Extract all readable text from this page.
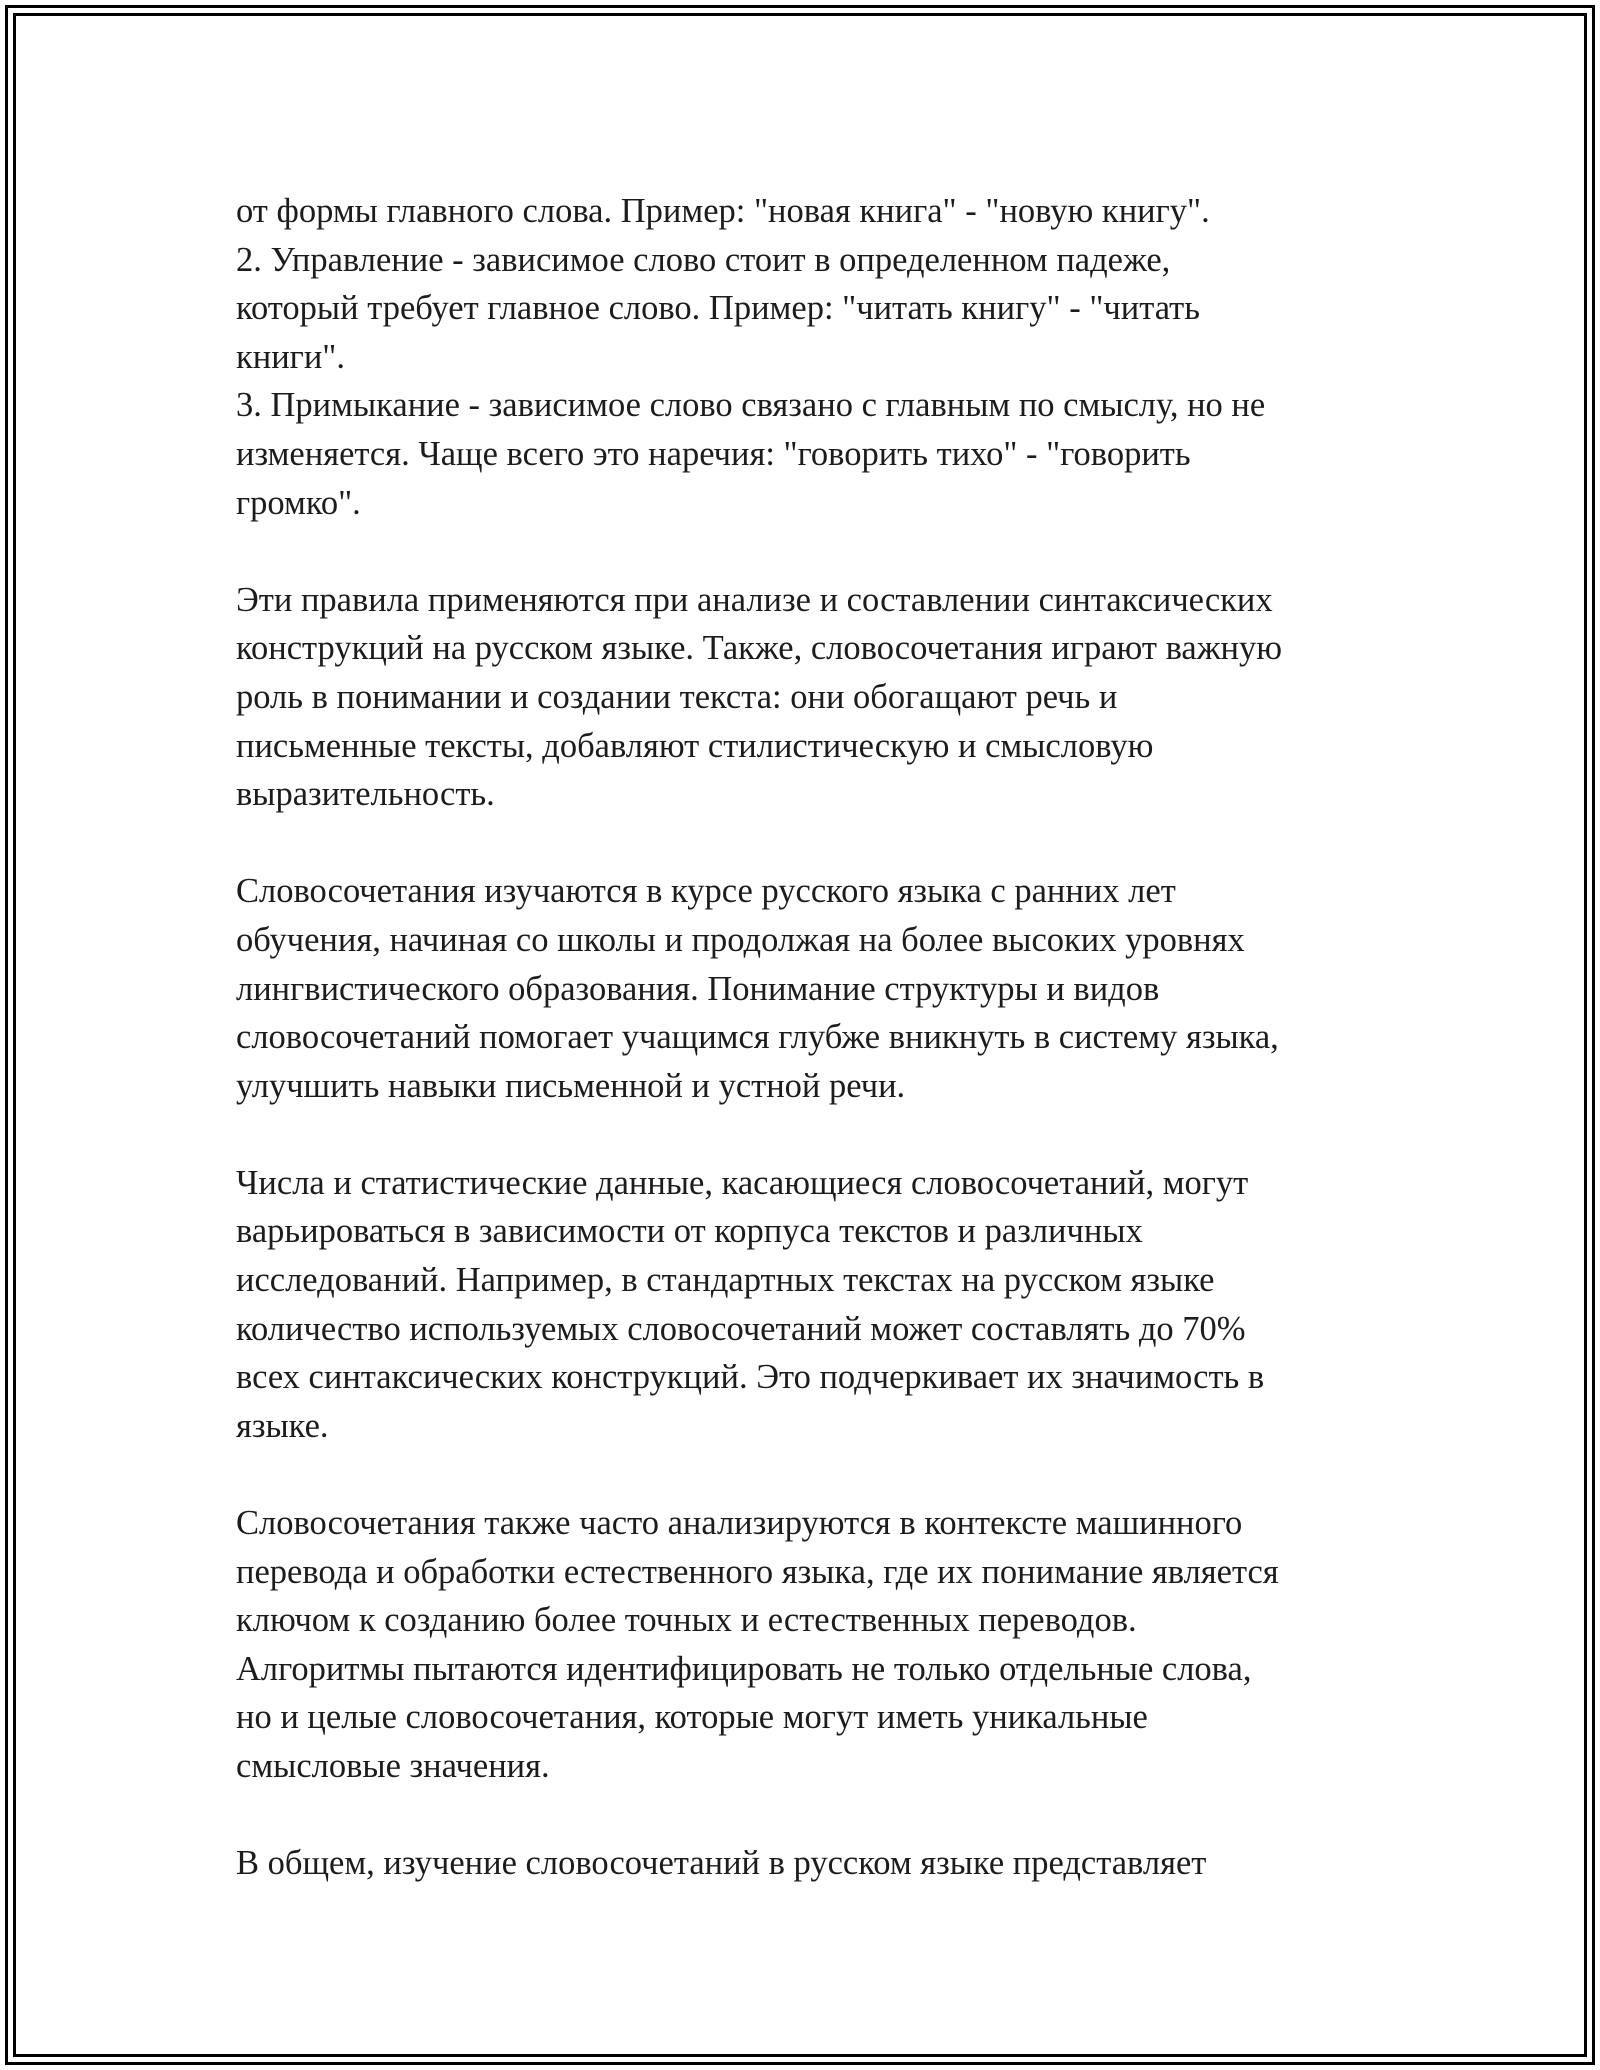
от формы главного слова. Пример: "новая книга" - "новую книгу".

2. Управление - зависимое слово стоит в определенном падеже,

который требует главное слово. Пример: "читать книгу" - "читать

книги".

3. Примыкание - зависимое слово связано с главным по смыслу, но не

изменяется. Чаще всего это наречия: "говорить тихо" - "говорить

громко".

Эти правила применяются при анализе и составлении синтаксических

конструкций на русском языке. Также, словосочетания играют важную

роль в понимании и создании текста: они обогащают речь и

письменные тексты, добавляют стилистическую и смысловую

выразительность.

Словосочетания изучаются в курсе русского языка с ранних лет

обучения, начиная со школы и продолжая на более высоких уровнях

лингвистического образования. Понимание структуры и видов

словосочетаний помогает учащимся глубже вникнуть в систему языка,

улучшить навыки письменной и устной речи.

Числа и статистические данные, касающиеся словосочетаний, могут

варьироваться в зависимости от корпуса текстов и различных

исследований. Например, в стандартных текстах на русском языке

количество используемых словосочетаний может составлять до 70%

всех синтаксических конструкций. Это подчеркивает их значимость в

языке.

Словосочетания также часто анализируются в контексте машинного

перевода и обработки естественного языка, где их понимание является

ключом к созданию более точных и естественных переводов.

Алгоритмы пытаются идентифицировать не только отдельные слова,

но и целые словосочетания, которые могут иметь уникальные

смысловые значения.

В общем, изучение словосочетаний в русском языке представляет
